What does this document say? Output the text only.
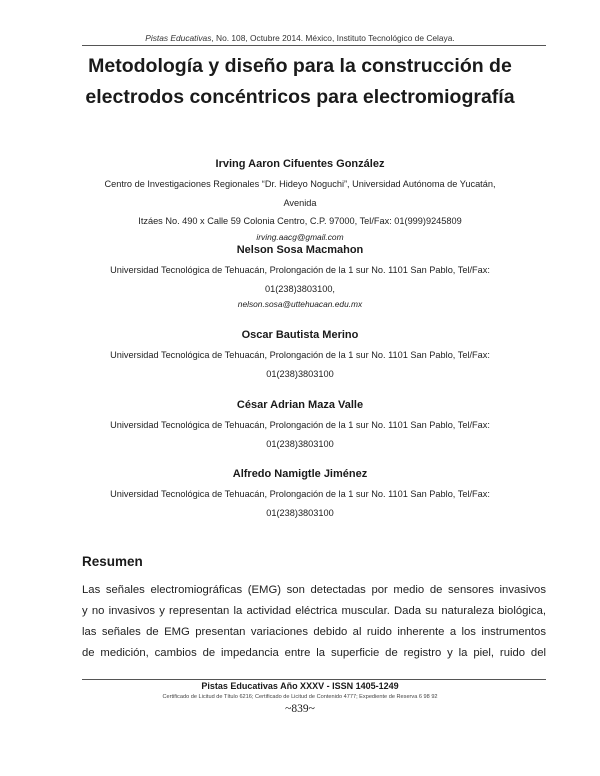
Pistas Educativas, No. 108, Octubre 2014. México, Instituto Tecnológico de Celaya.
Metodología y diseño para la construcción de
electrodos concéntricos para electromiografía
Irving Aaron Cifuentes González
Centro de Investigaciones Regionales “Dr. Hideyo Noguchi”, Universidad Autónoma de Yucatán, Avenida
Itzáes No. 490 x Calle 59 Colonia Centro, C.P. 97000, Tel/Fax: 01(999)9245809
irving.aacg@gmail.com
Nelson Sosa Macmahon
Universidad Tecnológica de Tehuacán, Prolongación de la 1 sur No. 1101 San Pablo, Tel/Fax:
01(238)3803100,
nelson.sosa@uttehuacan.edu.mx
Oscar Bautista Merino
Universidad Tecnológica de Tehuacán, Prolongación de la 1 sur No. 1101 San Pablo, Tel/Fax:
01(238)3803100
César Adrian Maza Valle
Universidad Tecnológica de Tehuacán, Prolongación de la 1 sur No. 1101 San Pablo, Tel/Fax:
01(238)3803100
Alfredo Namigtle Jiménez
Universidad Tecnológica de Tehuacán, Prolongación de la 1 sur No. 1101 San Pablo, Tel/Fax:
01(238)3803100
Resumen
Las señales electromiográficas (EMG) son detectadas por medio de sensores invasivos
y no invasivos y representan la actividad eléctrica muscular. Dada su naturaleza biológica,
las señales de EMG presentan variaciones debido al ruido inherente a los instrumentos
de medición, cambios de impedancia entre la superficie de registro y la piel, ruido del
Pistas Educativas Año XXXV - ISSN 1405-1249
Certificado de Licitud de Título 6216; Certificado de Licitud de Contenido 4777; Expediente de Reserva 6 98 92
~839~
